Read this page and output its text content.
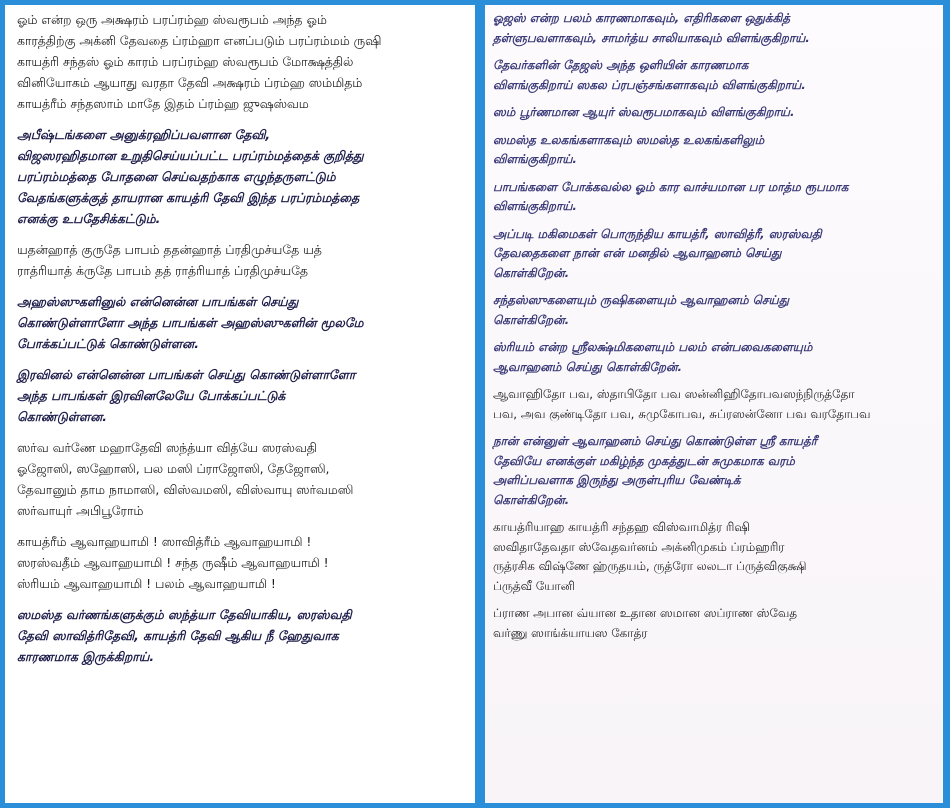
ஓம் என்ற ஒரு அக்ஷரம் பரப்ரம்ஹ ஸ்வரூபம் அந்த ஓம்
காரத்திற்கு அக்னி தேவதை ப்ரம்ஹா எனப்படும் பரப்ரம்மம் ருஷி
காயத்ரி சந்தஸ் ஓம் காரம் பரப்ரம்ஹ ஸ்வரூபம் மோக்ஷத்தில்
வினியோகம் ஆயாது வரதா தேவி அக்ஷரம் ப்ரம்ஹ ஸம்மிதம்
காயத்ரீம் சந்தஸாம் மாதே இதம் ப்ரம்ஹ ஜுஷஸ்வம
அபீஷ்டங்களை அனுக்ரஹிப்பவளான தேவி,
விஜஸரஹிதமான உறுதிசெய்யப்பட்ட பரப்ரம்மத்தைக் குறித்து
பரப்ரம்மத்தை போதனை செய்வதற்காக எழுந்தருளட்டும்
வேதங்களுக்குத் தாயரான காயத்ரி தேவி இந்த பரப்ரம்மத்தை
எனக்கு உபதேசிக்கட்டும்.
யதன்ஹாத் குருதே பாபம் ததன்ஹாத் ப்ரதிமுச்யதே யத்
ராத்ரியாத் க்ருதே பாபம் தத் ராத்ரியாத் ப்ரதிமுச்யதே
அஹஸ்ஸுகளினுல் என்னென்ன பாபங்கள் செய்து
கொண்டுள்ளாளோ அந்த பாபங்கள் அஹஸ்ஸுகளின் மூலமே
போக்கப்பட்டுக் கொண்டுள்ளன.
இரவினல் என்னென்ன பாபங்கள் செய்து கொண்டுள்ளாளோ
அந்த பாபங்கள் இரவினலேயே போக்கப்பட்டுக்
கொண்டுள்ளன.
ஸர்வ வர்ணே மஹாதேவி ஸந்த்யா வித்யே ஸரஸ்வதி
ஓஜோஸி, ஸஹோஸி, பல மஸி ப்ராஜோஸி, தேஜோஸி,
தேவானும் தாம நாமாஸி, விஸ்வமஸி, விஸ்வாயு ஸர்வமஸி
ஸர்வாயுர் அபிபூரோம்
காயத்ரீம் ஆவாஹயாமி ! ஸாவித்ரீம் ஆவாஹயாமி !
ஸரஸ்வதீம் ஆவாஹயாமி ! சந்த ருஷீம் ஆவாஹயாமி !
ஸ்ரியம் ஆவாஹயாமி ! பலம் ஆவாஹயாமி !
ஸமஸ்த வர்ணங்களுக்கும் ஸந்த்யா தேவியாகிய, ஸரஸ்வதி
தேவி ஸாவித்ரிதேவி, காயத்ரி தேவி ஆகிய நீ ஹேதுவாக
காரணமாக இருக்கிறாய்.
ஓஜஸ் என்ற பலம் காரணமாகவும், எதிரிகளை ஒதுக்கித்
தள்ளுபவளாகவும், சாமர்த்ய சாலியாகவும் விளங்குகிறாய்.
தேவர்களின் தேஜஸ் அந்த ஒளியின் காரணமாக
விளங்குகிறாய் ஸகல ப்ரபஞ்சங்களாகவும் விளங்குகிறாய்.
ஸம் பூர்ணமான ஆயுர் ஸ்வரூபமாகவும் விளங்குகிறாய்.
ஸமஸ்த உலகங்களாகவும் ஸமஸ்த உலகங்களிலும்
விளங்குகிறாய்.
பாபங்களை போக்கவல்ல ஓம் கார வாச்யமான பர மாத்ம ரூபமாக
விளங்குகிறாய்.
அப்படி மகிமைகள் பொருந்திய காயத்ரீ, ஸாவித்ரீ, ஸரஸ்வதி
தேவதைகளை நான் என் மனதில் ஆவாஹனம் செய்து
கொள்கிறேன்.
சந்தஸ்ஸுகளையும் ருஷிகளையும் ஆவாஹனம் செய்து
கொள்கிறேன்.
ஸ்ரியம் என்ற ஸ்ரீலக்ஷ்மிகளையும் பலம் என்பவைகளையும்
ஆவாஹனம் செய்து கொள்கிறேன்.
ஆவாஹிதோ பவ, ஸ்தாபிதோ பவ ஸன்னிஹிதோபவஸந்நிருத்தோ
பவ, அவ குண்டிதோ பவ, சுமுகோபவ, சுப்ரஸன்னோ பவ வரதோபவ
நான் என்னுள் ஆவாஹனம் செய்து கொண்டுள்ள ஸ்ரீ காயத்ரீ
தேவியே எனக்குள் மகிழ்ந்த முகத்துடன் சுமுகமாக வரம்
அளிப்பவளாக இருந்து அருள்புரிய வேண்டிக்
கொள்கிறேன்.
காயத்ரியாஹ காயத்ரி சந்தஹ விஸ்வாமித்ர ரிஷி
ஸவிதாதேவதா ஸ்வேதவர்னம் அக்னிமுகம் ப்ரம்ஹரிர
ருத்ரசிக விஷ்ணே ஹ்ருதயம், ருத்ரோ லலடா ப்ருத்விகுக்ஷி
ப்ருத்வீ யோனி
ப்ராண அபான வ்யான உதான ஸமான ஸப்ராண ஸ்வேத
வர்ணு ஸாங்க்யாயஸ கோத்ர
